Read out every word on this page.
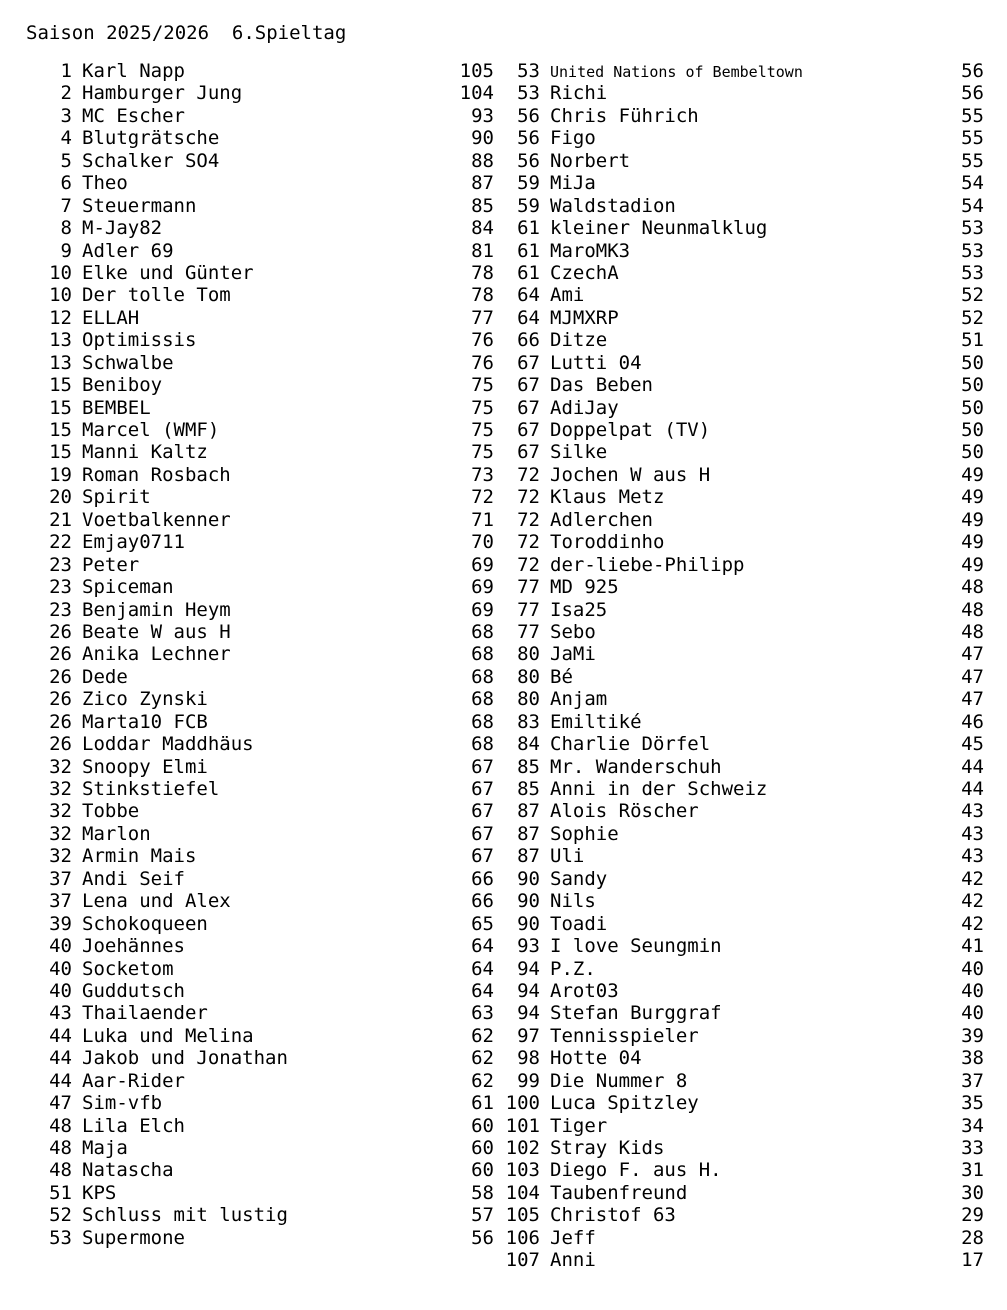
Saison 2025/2026  6.Spieltag
1 Karl Napp	105
2 Hamburger Jung	104
3 MC Escher	93
4 Blutgrätsche	90
5 Schalker SO4	88
6 Theo	87
7 Steuermann	85
8 M-Jay82	84
9 Adler 69	81
10 Elke und Günter	78
10 Der tolle Tom	78
12 ELLAH	77
13 Optimissis	76
13 Schwalbe	76
15 Beniboy	75
15 BEMBEL	75
15 Marcel (WMF)	75
15 Manni Kaltz	75
19 Roman Rosbach	73
20 Spirit	72
21 Voetbalkenner	71
22 Emjay0711	70
23 Peter	69
23 Spiceman	69
23 Benjamin Heym	69
26 Beate W aus H	68
26 Anika Lechner	68
26 Dede	68
26 Zico Zynski	68
26 Marta10 FCB	68
26 Loddar Maddhäus	68
32 Snoopy Elmi	67
32 Stinkstiefel	67
32 Tobbe	67
32 Marlon	67
32 Armin Mais	67
37 Andi Seif	66
37 Lena und Alex	66
39 Schokoqueen	65
40 Joehännes	64
40 Socketom	64
40 Guddutsch	64
43 Thailaender	63
44 Luka und Melina	62
44 Jakob und Jonathan	62
44 Aar-Rider	62
47 Sim-vfb	61
48 Lila Elch	60
48 Maja	60
48 Natascha	60
51 KPS	58
52 Schluss mit lustig	57
53 Supermone	56
53 United Nations of Bembeltown	56
53 Richi	56
56 Chris Führich	55
56 Figo	55
56 Norbert	55
59 MiJa	54
59 Waldstadion	54
61 kleiner Neunmalklug	53
61 MaroMK3	53
61 CzechA	53
64 Ami	52
64 MJMXRP	52
66 Ditze	51
67 Lutti 04	50
67 Das Beben	50
67 AdiJay	50
67 Doppelpat (TV)	50
67 Silke	50
72 Jochen W aus H	49
72 Klaus Metz	49
72 Adlerchen	49
72 Toroddinho	49
72 der-liebe-Philipp	49
77 MD 925	48
77 Isa25	48
77 Sebo	48
80 JaMi	47
80 Bé	47
80 Anjam	47
83 Emiltiké	46
84 Charlie Dörfel	45
85 Mr. Wanderschuh	44
85 Anni in der Schweiz	44
87 Alois Röscher	43
87 Sophie	43
87 Uli	43
90 Sandy	42
90 Nils	42
90 Toadi	42
93 I love Seungmin	41
94 P.Z.	40
94 Arot03	40
94 Stefan Burggraf	40
97 Tennisspieler	39
98 Hotte 04	38
99 Die Nummer 8	37
100 Luca Spitzley	35
101 Tiger	34
102 Stray Kids	33
103 Diego F. aus H.	31
104 Taubenfreund	30
105 Christof 63	29
106 Jeff	28
107 Anni	17
